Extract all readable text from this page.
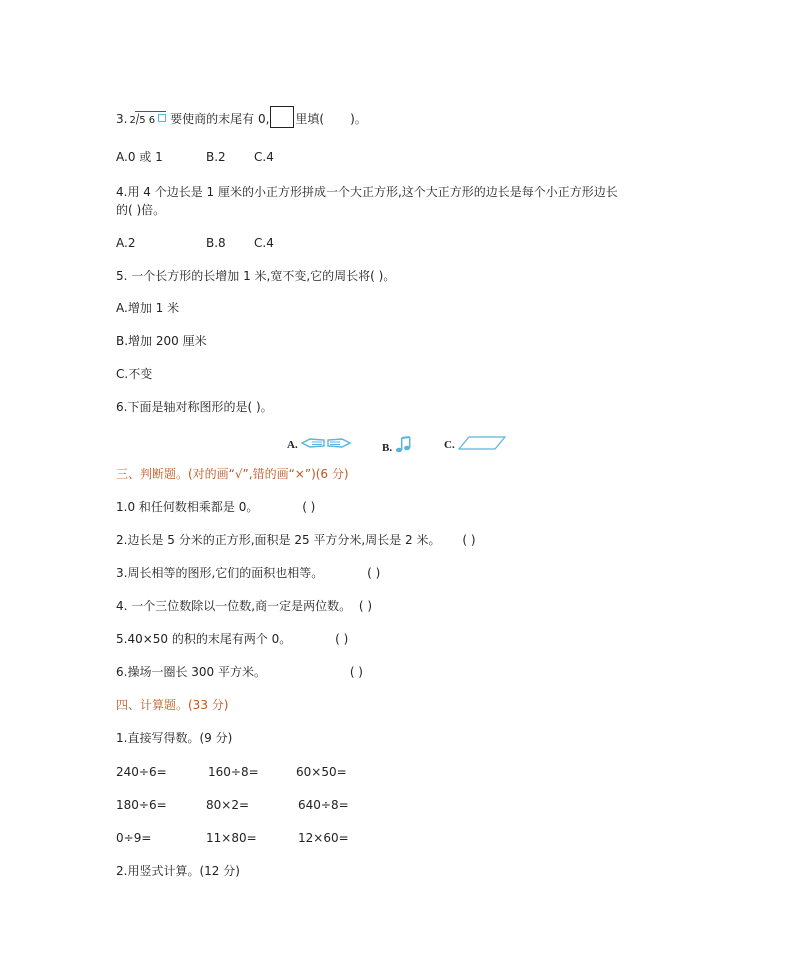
3. 2/
5 6 要使商的末尾有 0, 里填( )。
A.0 或 1	B.2 C.4
4.用 4 个边长是 1 厘米的小正方形拼成一个大正方形,这个大正方形的边长是每个小正方形边长
的( )倍。
A.2	B.8 C.4
5. 一个长方形的长增加 1 米,宽不变,它的周长将( )。
A.增加 1 米
B.增加 200 厘米
C.不变
6.下面是轴对称图形的是( )。
A.	B.	C.
三、判断题。(对的画“√”,错的画“×”)(6 分)
1.0 和任何数相乘都是 0。	( )
2.边长是 5 分米的正方形,面积是 25 平方分米,周长是 2 米。 ( )
3.周长相等的图形,它们的面积也相等。	( )
4. 一个三位数除以一位数,商一定是两位数。 ( )
5.40×50 的积的末尾有两个 0。	( )
6.操场一圈长 300 平方米。	( )
四、计算题。(33 分)
1.直接写得数。(9 分)
240÷6=	160÷8=	60×50=
180÷6=	80×2=	640÷8=
0÷9=	11×80=	12×60=
2.用竖式计算。(12 分)
